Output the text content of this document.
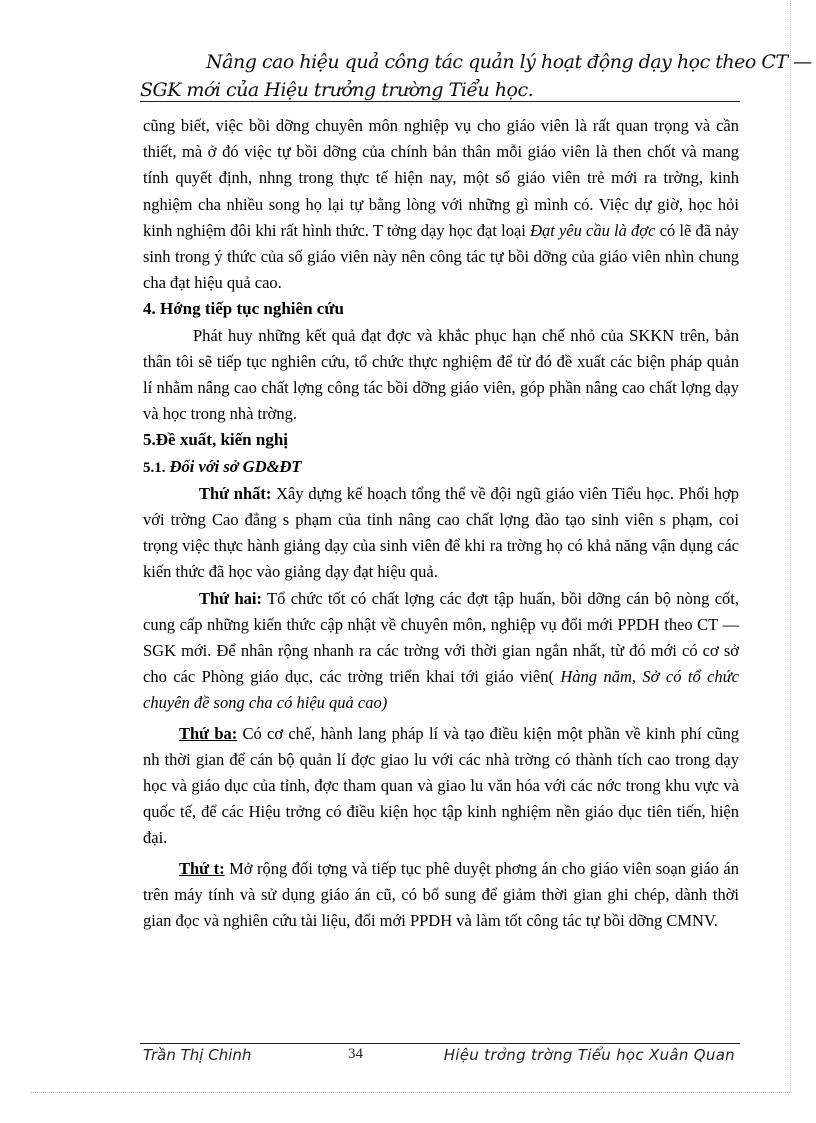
Nâng cao hiệu quả công tác quản lý hoạt động dạy học theo CT —
SGK mới của Hiệu trưởng trường Tiểu học.

cũng biết, việc bồi dỡng chuyên môn nghiệp vụ cho giáo viên là rất quan trọng và cần thiết, mà ở đó việc tự bồi dỡng của chính bản thân mỗi giáo viên là then chốt và mang tính quyết định, nhng trong thực tế hiện nay, một số giáo viên trẻ mới ra trờng, kinh nghiệm cha nhiều song họ lại tự bằng lòng với những gì mình có. Việc dự giờ, học hỏi kinh nghiệm đôi khi rất hình thức. T tởng dạy học đạt loại Đạt yêu cầu là đợc có lẽ đã nảy sinh trong ý thức của số giáo viên này nên công tác tự bồi dỡng của giáo viên nhìn chung cha đạt hiệu quả cao.

4. Hớng tiếp tục nghiên cứu

Phát huy những kết quả đạt đợc và khắc phục hạn chế nhỏ của SKKN trên, bản thân tôi sẽ tiếp tục nghiên cứu, tổ chức thực nghiệm để từ đó đề xuất các biện pháp quản lí nhằm nâng cao chất lợng công tác bồi dỡng giáo viên, góp phần nâng cao chất lợng dạy và học trong nhà trờng.

5.Đề xuất, kiến nghị

5.1. Đối với sở GD&ĐT

Thứ nhất: Xây dựng kế hoạch tổng thể về đội ngũ giáo viên Tiểu học. Phối hợp với trờng Cao đẳng s phạm của tỉnh nâng cao chất lợng đào tạo sinh viên s phạm, coi trọng việc thực hành giảng dạy của sinh viên để khi ra trờng họ có khả năng vận dụng các kiến thức đã học vào giảng dạy đạt hiệu quả.

Thứ hai: Tổ chức tốt có chất lợng các đợt tập huấn, bồi dỡng cán bộ nòng cốt, cung cấp những kiến thức cập nhật về chuyên môn, nghiệp vụ đổi mới PPDH theo CT — SGK mới. Để nhân rộng nhanh ra các trờng với thời gian ngắn nhất, từ đó mới có cơ sở cho các Phòng giáo dục, các trờng triển khai tới giáo viên( Hàng năm, Sở có tổ chức chuyên đề song cha có hiệu quả cao)

Thứ ba: Có cơ chế, hành lang pháp lí và tạo điều kiện một phần về kinh phí cũng nh thời gian để cán bộ quản lí đợc giao lu với các nhà trờng có thành tích cao trong dạy học và giáo dục của tỉnh, đợc tham quan và giao lu văn hóa với các nớc trong khu vực và quốc tế, để các Hiệu trởng có điều kiện học tập kinh nghiệm nền giáo dục tiên tiến, hiện đại.

Thứ t: Mở rộng đối tợng và tiếp tục phê duyệt phơng án cho giáo viên soạn giáo án trên máy tính và sử dụng giáo án cũ, có bổ sung để giảm thời gian ghi chép, dành thời gian đọc và nghiên cứu tài liệu, đổi mới PPDH và làm tốt công tác tự bồi dỡng CMNV.

Trần Thị Chinh	34	Hiệu trởng trờng Tiểu học Xuân Quan
